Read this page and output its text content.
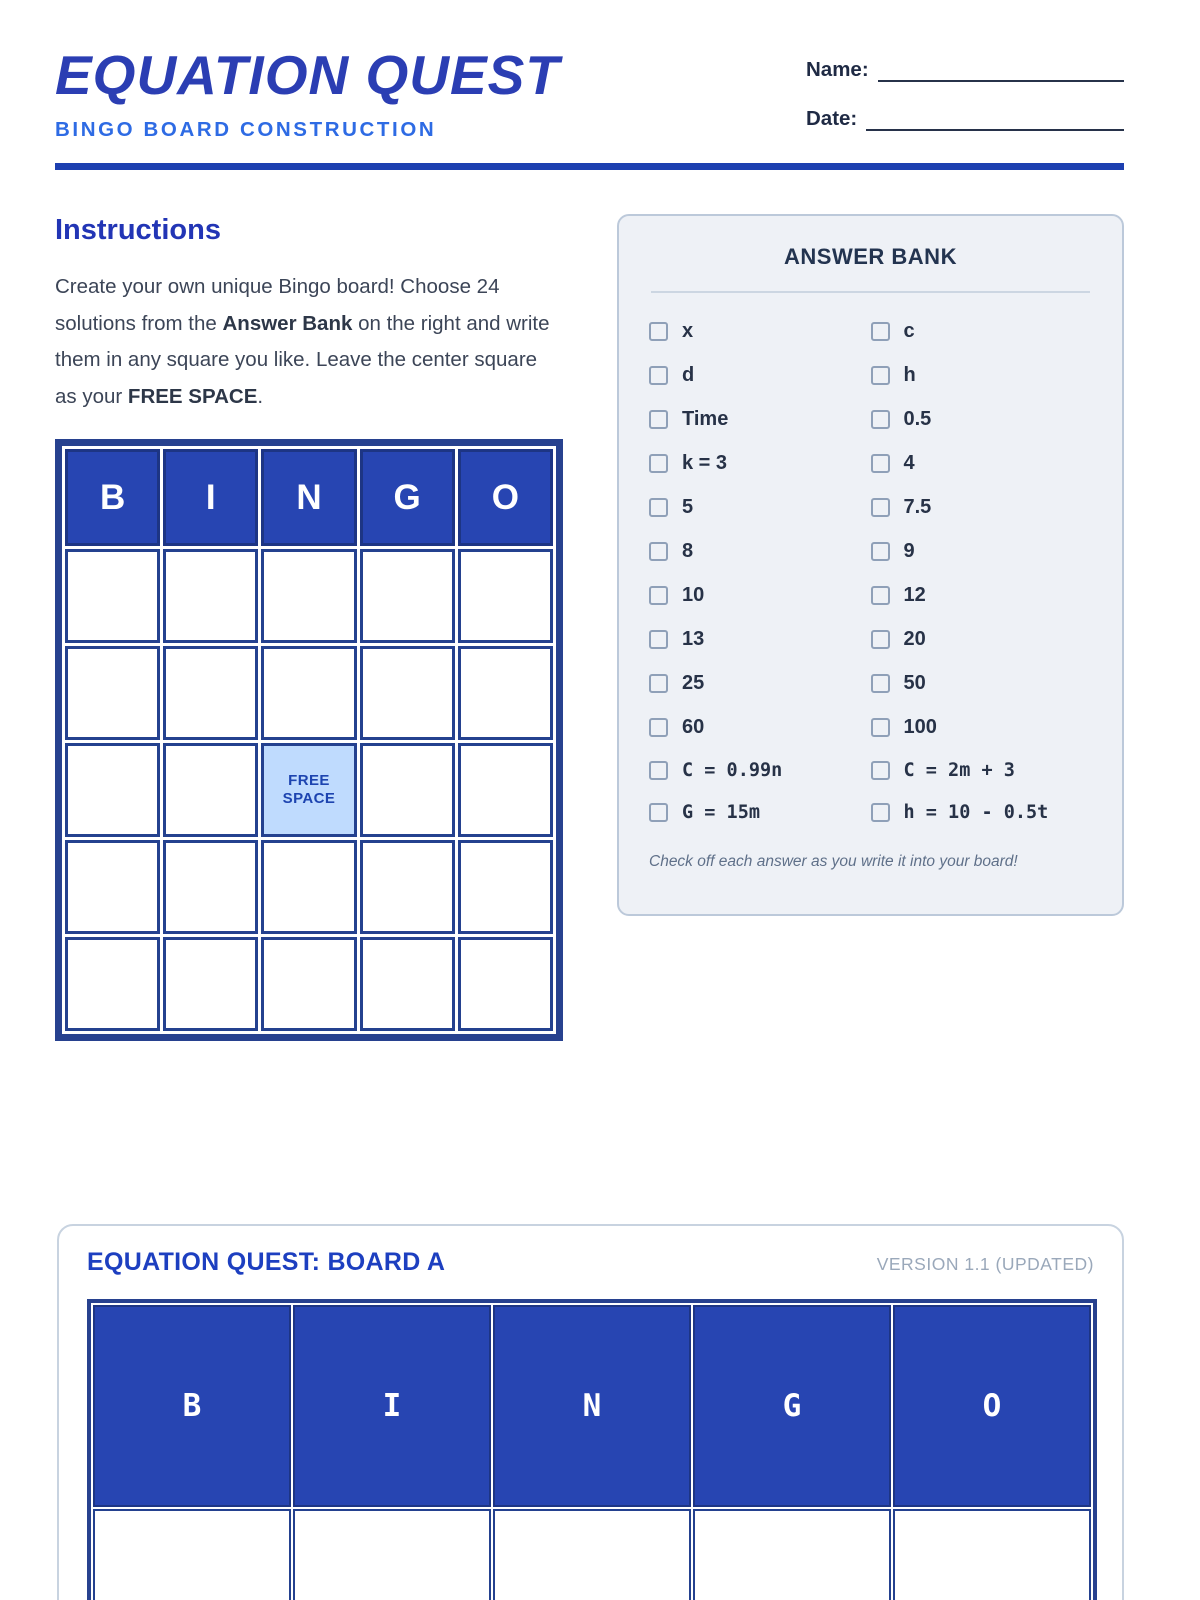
EQUATION QUEST
BINGO BOARD CONSTRUCTION
Name:
Date:
Instructions

Create your own unique Bingo board! Choose 24 solutions from the Answer Bank on the right and write them in any square you like. Leave the center square as your FREE SPACE.

B	I	N	G	O

		FREE
SPACE		

ANSWER BANK
x	c
d	h
Time	0.5
k = 3	4
5	7.5
8	9
10	12
13	20
25	50
60	100
C = 0.99n	C = 2m + 3
G = 15m	h = 10 - 0.5t
Check off each answer as you write it into your board!
EQUATION QUEST: BOARD A	VERSION 1.1 (UPDATED)
B	I	N	G	O
